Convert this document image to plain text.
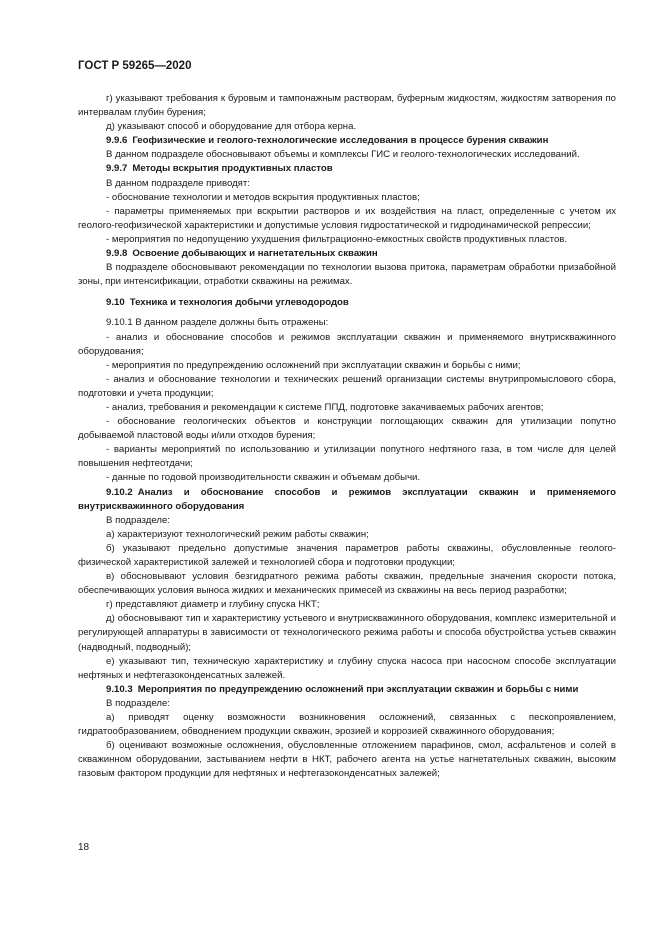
ГОСТ Р 59265—2020
г) указывают требования к буровым и тампонажным растворам, буферным жидкостям, жидкостям затворения по интервалам глубин бурения;
д) указывают способ и оборудование для отбора керна.
9.9.6 Геофизические и геолого-технологические исследования в процессе бурения скважин
В данном подразделе обосновывают объемы и комплексы ГИС и геолого-технологических исследований.
9.9.7 Методы вскрытия продуктивных пластов
В данном подразделе приводят:
- обоснование технологии и методов вскрытия продуктивных пластов;
- параметры применяемых при вскрытии растворов и их воздействия на пласт, определенные с учетом их геолого-геофизической характеристики и допустимые условия гидростатической и гидродинамической репрессии;
- мероприятия по недопущению ухудшения фильтрационно-емкостных свойств продуктивных пластов.
9.9.8 Освоение добывающих и нагнетательных скважин
В подразделе обосновывают рекомендации по технологии вызова притока, параметрам обработки призабойной зоны, при интенсификации, отработки скважины на режимах.
9.10 Техника и технология добычи углеводородов
9.10.1 В данном разделе должны быть отражены:
- анализ и обоснование способов и режимов эксплуатации скважин и применяемого внутрискважинного оборудования;
- мероприятия по предупреждению осложнений при эксплуатации скважин и борьбы с ними;
- анализ и обоснование технологии и технических решений организации системы внутрипромыслового сбора, подготовки и учета продукции;
- анализ, требования и рекомендации к системе ППД, подготовке закачиваемых рабочих агентов;
- обоснование геологических объектов и конструкции поглощающих скважин для утилизации попутно добываемой пластовой воды и/или отходов бурения;
- варианты мероприятий по использованию и утилизации попутного нефтяного газа, в том числе для целей повышения нефтеотдачи;
- данные по годовой производительности скважин и объемам добычи.
9.10.2 Анализ и обоснование способов и режимов эксплуатации скважин и применяемого внутрискважинного оборудования
В подразделе:
а) характеризуют технологический режим работы скважин;
б) указывают предельно допустимые значения параметров работы скважины, обусловленные геолого-физической характеристикой залежей и технологией сбора и подготовки продукции;
в) обосновывают условия безгидратного режима работы скважин, предельные значения скорости потока, обеспечивающих условия выноса жидких и механических примесей из скважины на весь период разработки;
г) представляют диаметр и глубину спуска НКТ;
д) обосновывают тип и характеристику устьевого и внутрискважинного оборудования, комплекс измерительной и регулирующей аппаратуры в зависимости от технологического режима работы и способа обустройства устьев скважин (надводный, подводный);
е) указывают тип, техническую характеристику и глубину спуска насоса при насосном способе эксплуатации нефтяных и нефтегазоконденсатных залежей.
9.10.3 Мероприятия по предупреждению осложнений при эксплуатации скважин и борьбы с ними
В подразделе:
а) приводят оценку возможности возникновения осложнений, связанных с пескопроявлением, гидратообразованием, обводнением продукции скважин, эрозией и коррозией скважинного оборудования;
б) оценивают возможные осложнения, обусловленные отложением парафинов, смол, асфальтенов и солей в скважинном оборудовании, застыванием нефти в НКТ, рабочего агента на устье нагнетательных скважин, высоким газовым фактором продукции для нефтяных и нефтегазоконденсатных залежей;
18
